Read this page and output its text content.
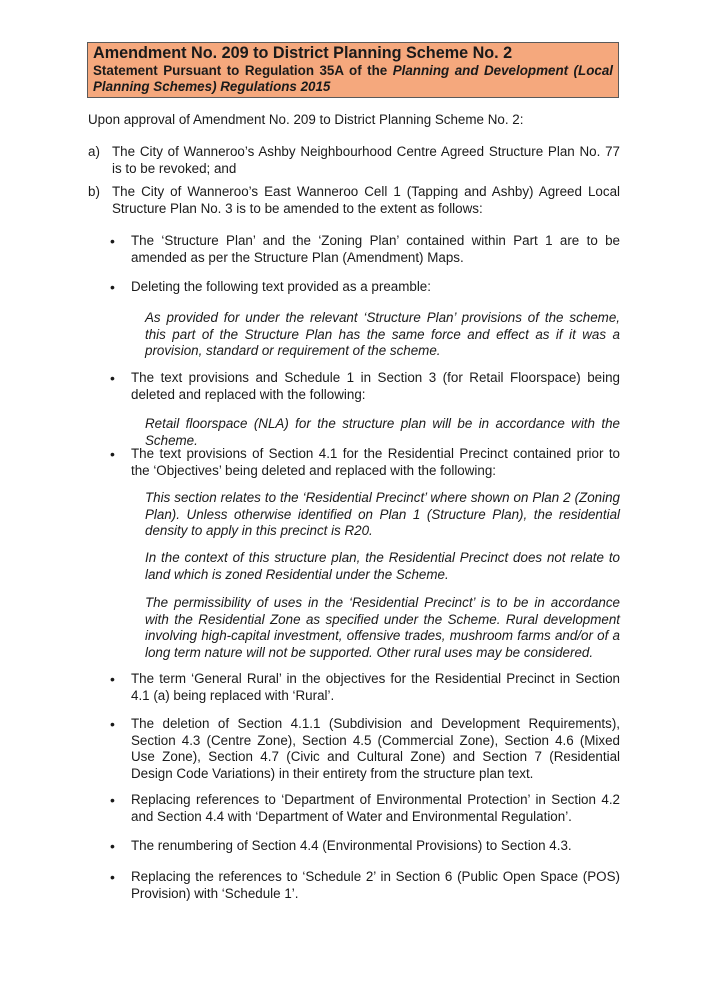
Amendment No. 209 to District Planning Scheme No. 2

Statement Pursuant to Regulation 35A of the Planning and Development (Local Planning Schemes) Regulations 2015

Upon approval of Amendment No. 209 to District Planning Scheme No. 2:
a) The City of Wanneroo’s Ashby Neighbourhood Centre Agreed Structure Plan No. 77 is to be revoked; and
b) The City of Wanneroo’s East Wanneroo Cell 1 (Tapping and Ashby) Agreed Local Structure Plan No. 3 is to be amended to the extent as follows:
•	The ‘Structure Plan’ and the ‘Zoning Plan’ contained within Part 1 are to be amended as per the Structure Plan (Amendment) Maps.
•	Deleting the following text provided as a preamble:
As provided for under the relevant ‘Structure Plan’ provisions of the scheme, this part of the Structure Plan has the same force and effect as if it was a provision, standard or requirement of the scheme.
•	The text provisions and Schedule 1 in Section 3 (for Retail Floorspace) being deleted and replaced with the following:
Retail floorspace (NLA) for the structure plan will be in accordance with the Scheme.
•	The text provisions of Section 4.1 for the Residential Precinct contained prior to the ‘Objectives’ being deleted and replaced with the following:
This section relates to the ‘Residential Precinct’ where shown on Plan 2 (Zoning Plan). Unless otherwise identified on Plan 1 (Structure Plan), the residential density to apply in this precinct is R20.
In the context of this structure plan, the Residential Precinct does not relate to land which is zoned Residential under the Scheme.
The permissibility of uses in the ‘Residential Precinct’ is to be in accordance with the Residential Zone as specified under the Scheme. Rural development involving high-capital investment, offensive trades, mushroom farms and/or of a long term nature will not be supported. Other rural uses may be considered.
•	The term ‘General Rural’ in the objectives for the Residential Precinct in Section 4.1 (a) being replaced with ‘Rural’.
•	The deletion of Section 4.1.1 (Subdivision and Development Requirements), Section 4.3 (Centre Zone), Section 4.5 (Commercial Zone), Section 4.6 (Mixed Use Zone), Section 4.7 (Civic and Cultural Zone) and Section 7 (Residential Design Code Variations) in their entirety from the structure plan text.
•	Replacing references to ‘Department of Environmental Protection’ in Section 4.2 and Section 4.4 with ‘Department of Water and Environmental Regulation’.
•	The renumbering of Section 4.4 (Environmental Provisions) to Section 4.3.
•	Replacing the references to ‘Schedule 2’ in Section 6 (Public Open Space (POS) Provision) with ‘Schedule 1’.
